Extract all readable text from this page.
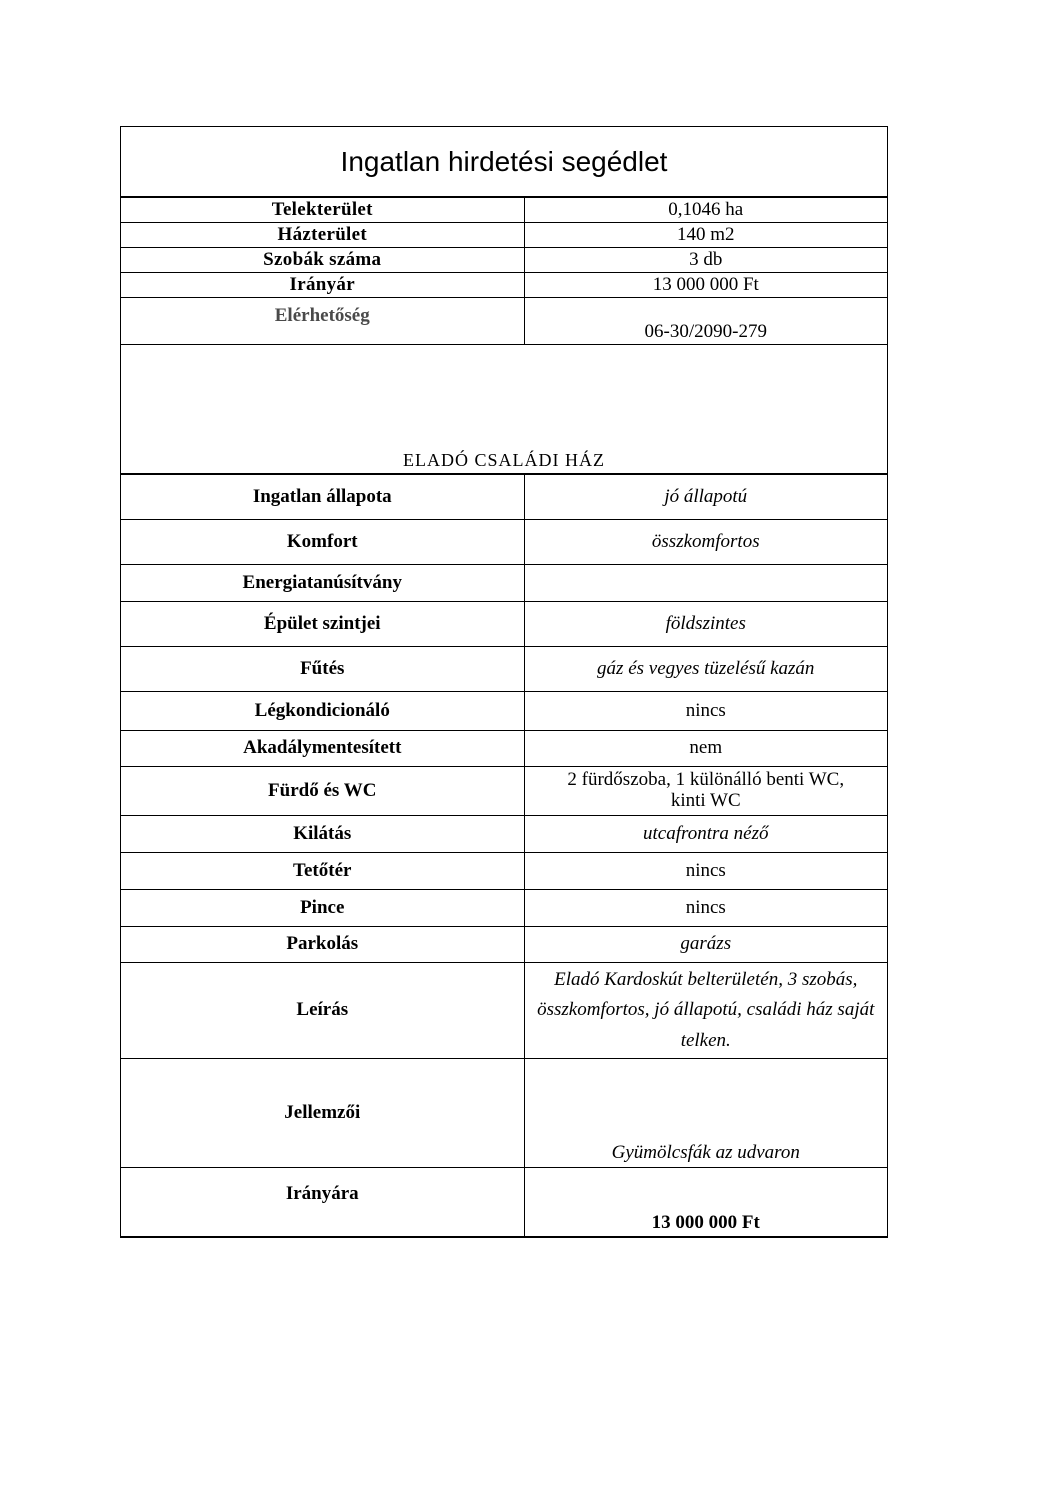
Ingatlan hirdetési segédlet
Telekterület	0,1046 ha
Házterület	140 m2
Szobák száma	3 db
Irányár	13 000 000 Ft
Elérhetőség	06-30/2090-279
ELADÓ CSALÁDI HÁZ	
Ingatlan állapota	jó állapotú
Komfort	összkomfortos
Energiatanúsítvány	
Épület szintjei	földszintes
Fűtés	gáz és vegyes tüzelésű kazán
Légkondicionáló	nincs
Akadálymentesített	nem
Fürdő és WC	2 fürdőszoba, 1 különálló benti WC, kinti WC
Kilátás	utcafrontra néző
Tetőtér	nincs
Pince	nincs
Parkolás	garázs
Leírás	Eladó Kardoskút belterületén, 3 szobás, összkomfortos, jó állapotú, családi ház saját telken.
Jellemzői	Gyümölcsfák az udvaron
Irányára	13 000 000 Ft
